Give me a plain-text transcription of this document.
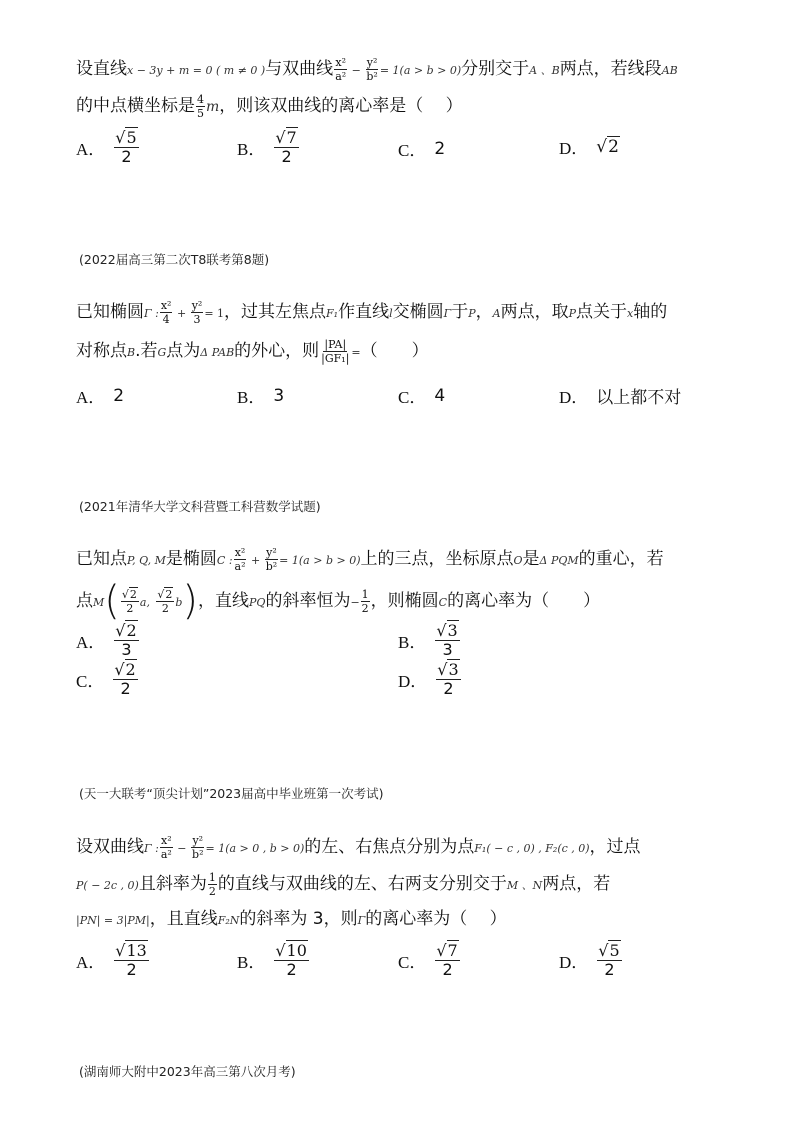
设直线x − 3y + m = 0 ( m ≠ 0 )与双曲线 $\frac{\text{x²}}{\text{a²}} - \frac{\text{y²}}{\text{b²}} = 1(a > b > 0)$分别交于A 、B两点，若线段AB
的中点横坐标是 $\frac{4}{5}$ m，则该双曲线的离心率是（　 ）
A． $\frac{√5}{2}$	B． $\frac{√7}{2}$	C． 2	D． √2
(2022届高三第二次T8联考第8题)
已知椭圆Γ : $\frac{\text{x²}}{4} + \frac{\text{y²}}{3} = 1$，过其左焦点F₁作直线l交椭圆Γ于P，A两点，取P点关于x轴的
对称点B.若G点为Δ PAB的外心，则 $\frac{|PA|}{\text{|GF₁|}}$ =（　　）
A． 2	B． 3	C． 4	D． 以上都不对
(2021年清华大学文科营暨工科营数学试题)
已知点P, Q, M是椭圆C : $\frac{\text{x²}}{\text{a²}} + \frac{\text{y²}}{\text{b²}} = 1(a > b > 0)$上的三点，坐标原点O是Δ PQM的重心，若
点$M( \frac{√2}{2} a$, $\frac{√2}{2} b$)，直线PQ的斜率恒为− $\frac{1}{2}$ ，则椭圆C的离心率为（　　）
A． $\frac{√2}{3}$	B． $\frac{√3}{3}$
C． $\frac{√2}{2}$	D． $\frac{√3}{2}$
(天一大联考“顶尖计划”2023届高中毕业班第一次考试)
设双曲线Γ : $\frac{\text{x²}}{\text{a²}} - \frac{\text{y²}}{\text{b²}} = 1(a > 0$ , b > 0)的左、右焦点分别为点F₁( − c , 0) , F₂(c , 0)，过点
P( − 2c , 0)且斜率为 $\frac{1}{2}$ 的直线与双曲线的左、右两支分别交于M 、N两点，若
|PN| = 3|PM|，且直线F₂N的斜率为 3，则Γ的离心率为（　 ）
A． $\frac{√13}{2}$	B． $\frac{√10}{2}$	C． $\frac{√7}{2}$	D． $\frac{√5}{2}$
(湖南师大附中2023年高三第八次月考)
